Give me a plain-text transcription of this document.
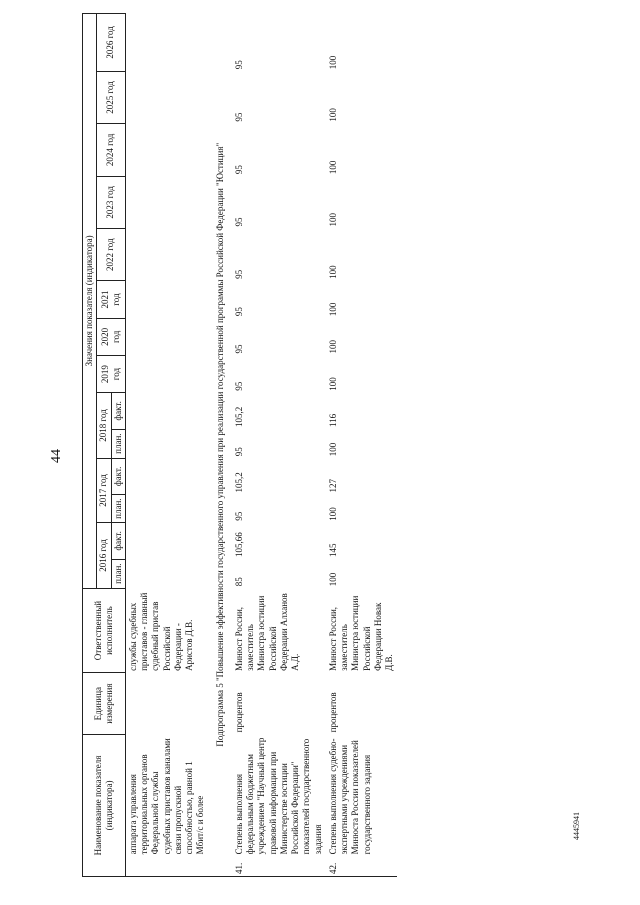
44
4445941
Наименование показателя (индикатора)		Единица измерения	Ответственный исполнитель	Значения показателя (индикатора)													
				2016 год		2017 год		2018 год		2019 год	2020 год	2021 год	2022 год	2023 год	2024 год	2025 год	2026 год
				план.	факт.	план.	факт.	план.	факт.								
	аппарата управления территориальных органов Федеральной службы судебных приставов каналами связи пропускной способностью, равной 1 Мбит/с и более		службы судебных приставов - главный судебный пристав Российской Федерации - Аристов Д.В.														
Подпрограмма 5 "Повышение эффективности государственного управления при реализации государственной программы Российской Федерации "Юстиция"																	
41.	Степень выполнения федеральным бюджетным учреждением "Научный центр правовой информации при Министерстве юстиции Российской Федерации" показателей государственного задания	процентов	Минюст России, заместитель Министра юстиции Российской Федерации Алханов А.Д.	85	105,66	95	105,2	95	105,2	95	95	95	95	95	95	95	95
42.	Степень выполнения судебно-экспертными учреждениями Минюста России показателей государственного задания	процентов	Минюст России, заместитель Министра юстиции Российской Федерации Новак Д.В.	100	145	100	127	100	116	100	100	100	100	100	100	100	100
